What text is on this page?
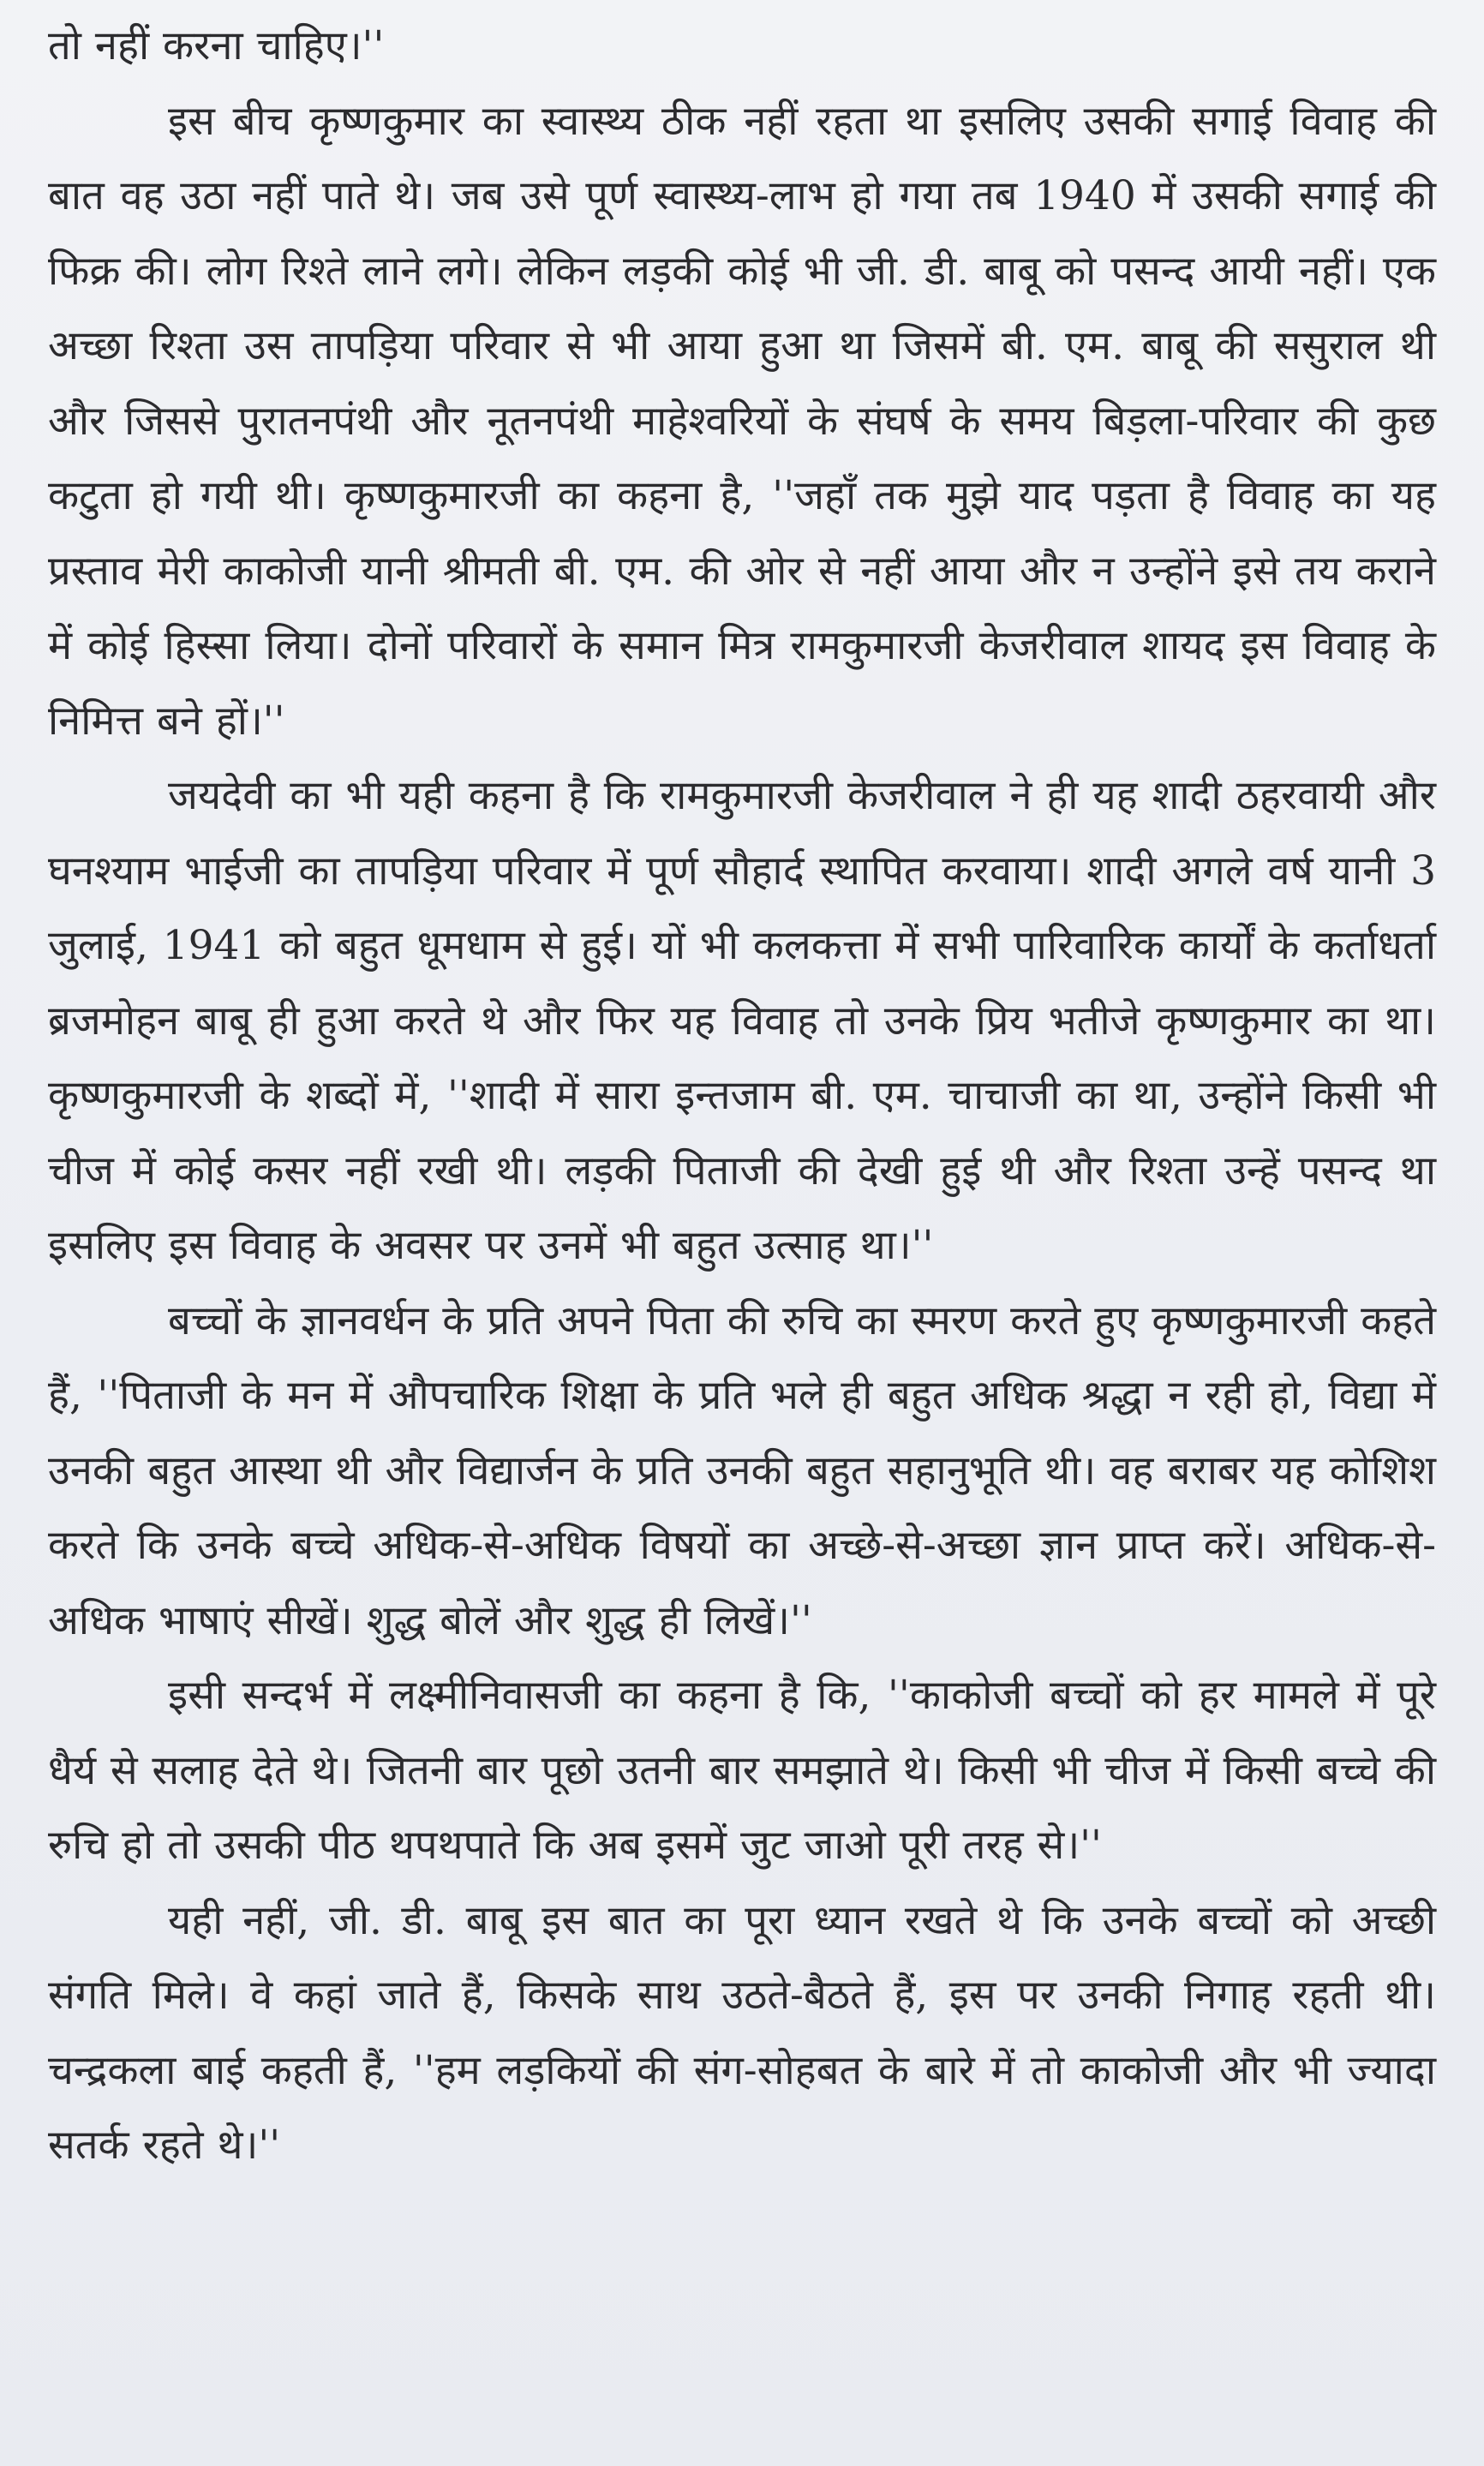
तो नहीं करना चाहिए।''

इस बीच कृष्णकुमार का स्वास्थ्य ठीक नहीं रहता था इसलिए उसकी सगाई विवाह की बात वह उठा नहीं पाते थे। जब उसे पूर्ण स्वास्थ्य-लाभ हो गया तब 1940 में उसकी सगाई की फिक्र की। लोग रिश्ते लाने लगे। लेकिन लड़की कोई भी जी. डी. बाबू को पसन्द आयी नहीं। एक अच्छा रिश्ता उस तापड़िया परिवार से भी आया हुआ था जिसमें बी. एम. बाबू की ससुराल थी और जिससे पुरातनपंथी और नूतनपंथी माहेश्वरियों के संघर्ष के समय बिड़ला-परिवार की कुछ कटुता हो गयी थी। कृष्णकुमारजी का कहना है, ''जहाँ तक मुझे याद पड़ता है विवाह का यह प्रस्ताव मेरी काकोजी यानी श्रीमती बी. एम. की ओर से नहीं आया और न उन्होंने इसे तय कराने में कोई हिस्सा लिया। दोनों परिवारों के समान मित्र रामकुमारजी केजरीवाल शायद इस विवाह के निमित्त बने हों।''

जयदेवी का भी यही कहना है कि रामकुमारजी केजरीवाल ने ही यह शादी ठहरवायी और घनश्याम भाईजी का तापड़िया परिवार में पूर्ण सौहार्द स्थापित करवाया। शादी अगले वर्ष यानी 3 जुलाई, 1941 को बहुत धूमधाम से हुई। यों भी कलकत्ता में सभी पारिवारिक कार्यों के कर्ताधर्ता ब्रजमोहन बाबू ही हुआ करते थे और फिर यह विवाह तो उनके प्रिय भतीजे कृष्णकुमार का था। कृष्णकुमारजी के शब्दों में, ''शादी में सारा इन्तजाम बी. एम. चाचाजी का था, उन्होंने किसी भी चीज में कोई कसर नहीं रखी थी। लड़की पिताजी की देखी हुई थी और रिश्ता उन्हें पसन्द था इसलिए इस विवाह के अवसर पर उनमें भी बहुत उत्साह था।''

बच्चों के ज्ञानवर्धन के प्रति अपने पिता की रुचि का स्मरण करते हुए कृष्णकुमारजी कहते हैं, ''पिताजी के मन में औपचारिक शिक्षा के प्रति भले ही बहुत अधिक श्रद्धा न रही हो, विद्या में उनकी बहुत आस्था थी और विद्यार्जन के प्रति उनकी बहुत सहानुभूति थी। वह बराबर यह कोशिश करते कि उनके बच्चे अधिक-से-अधिक विषयों का अच्छे-से-अच्छा ज्ञान प्राप्त करें। अधिक-से-अधिक भाषाएं सीखें। शुद्ध बोलें और शुद्ध ही लिखें।''

इसी सन्दर्भ में लक्ष्मीनिवासजी का कहना है कि, ''काकोजी बच्चों को हर मामले में पूरे धैर्य से सलाह देते थे। जितनी बार पूछो उतनी बार समझाते थे। किसी भी चीज में किसी बच्चे की रुचि हो तो उसकी पीठ थपथपाते कि अब इसमें जुट जाओ पूरी तरह से।''

यही नहीं, जी. डी. बाबू इस बात का पूरा ध्यान रखते थे कि उनके बच्चों को अच्छी संगति मिले। वे कहां जाते हैं, किसके साथ उठते-बैठते हैं, इस पर उनकी निगाह रहती थी। चन्द्रकला बाई कहती हैं, ''हम लड़कियों की संग-सोहबत के बारे में तो काकोजी और भी ज्यादा सतर्क रहते थे।''
